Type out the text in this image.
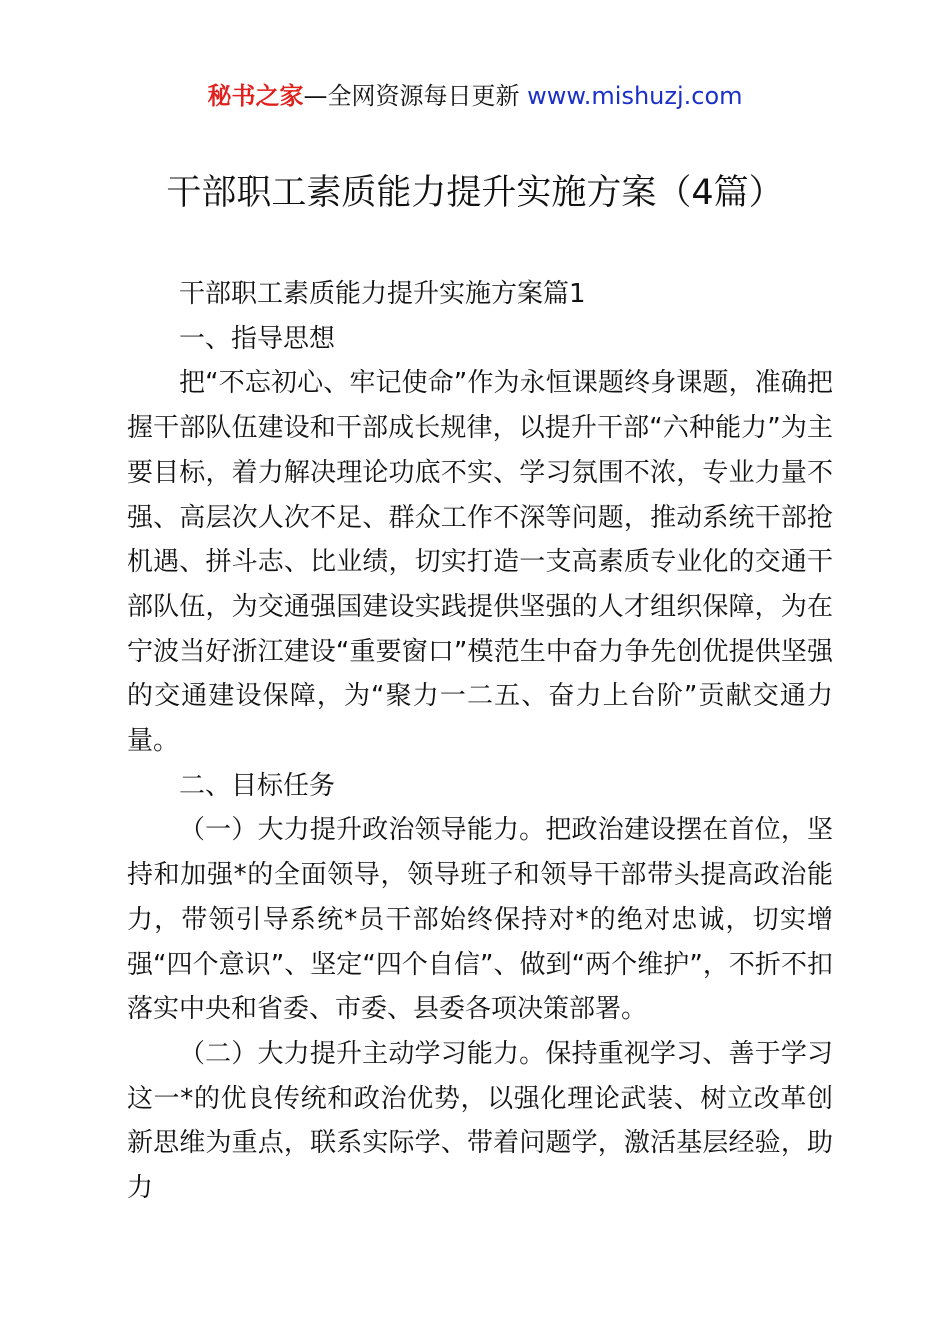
秘书之家—全网资源每日更新 www.mishuzj.com
干部职工素质能力提升实施方案（4篇）

干部职工素质能力提升实施方案篇1

一、指导思想

把“不忘初心、牢记使命”作为永恒课题终身课题，准确把握干部队伍建设和干部成长规律，以提升干部“六种能力”为主要目标，着力解决理论功底不实、学习氛围不浓，专业力量不强、高层次人次不足、群众工作不深等问题，推动系统干部抢机遇、拼斗志、比业绩，切实打造一支高素质专业化的交通干部队伍，为交通强国建设实践提供坚强的人才组织保障，为在宁波当好浙江建设“重要窗口”模范生中奋力争先创优提供坚强的交通建设保障，为“聚力一二五、奋力上台阶”贡献交通力量。

二、目标任务

（一）大力提升政治领导能力。把政治建设摆在首位，坚持和加强*的全面领导，领导班子和领导干部带头提高政治能力，带领引导系统*员干部始终保持对*的绝对忠诚，切实增强“四个意识”、坚定“四个自信”、做到“两个维护”，不折不扣落实中央和省委、市委、县委各项决策部署。

（二）大力提升主动学习能力。保持重视学习、善于学习这一*的优良传统和政治优势，以强化理论武装、树立改革创新思维为重点，联系实际学、带着问题学，激活基层经验，助力
